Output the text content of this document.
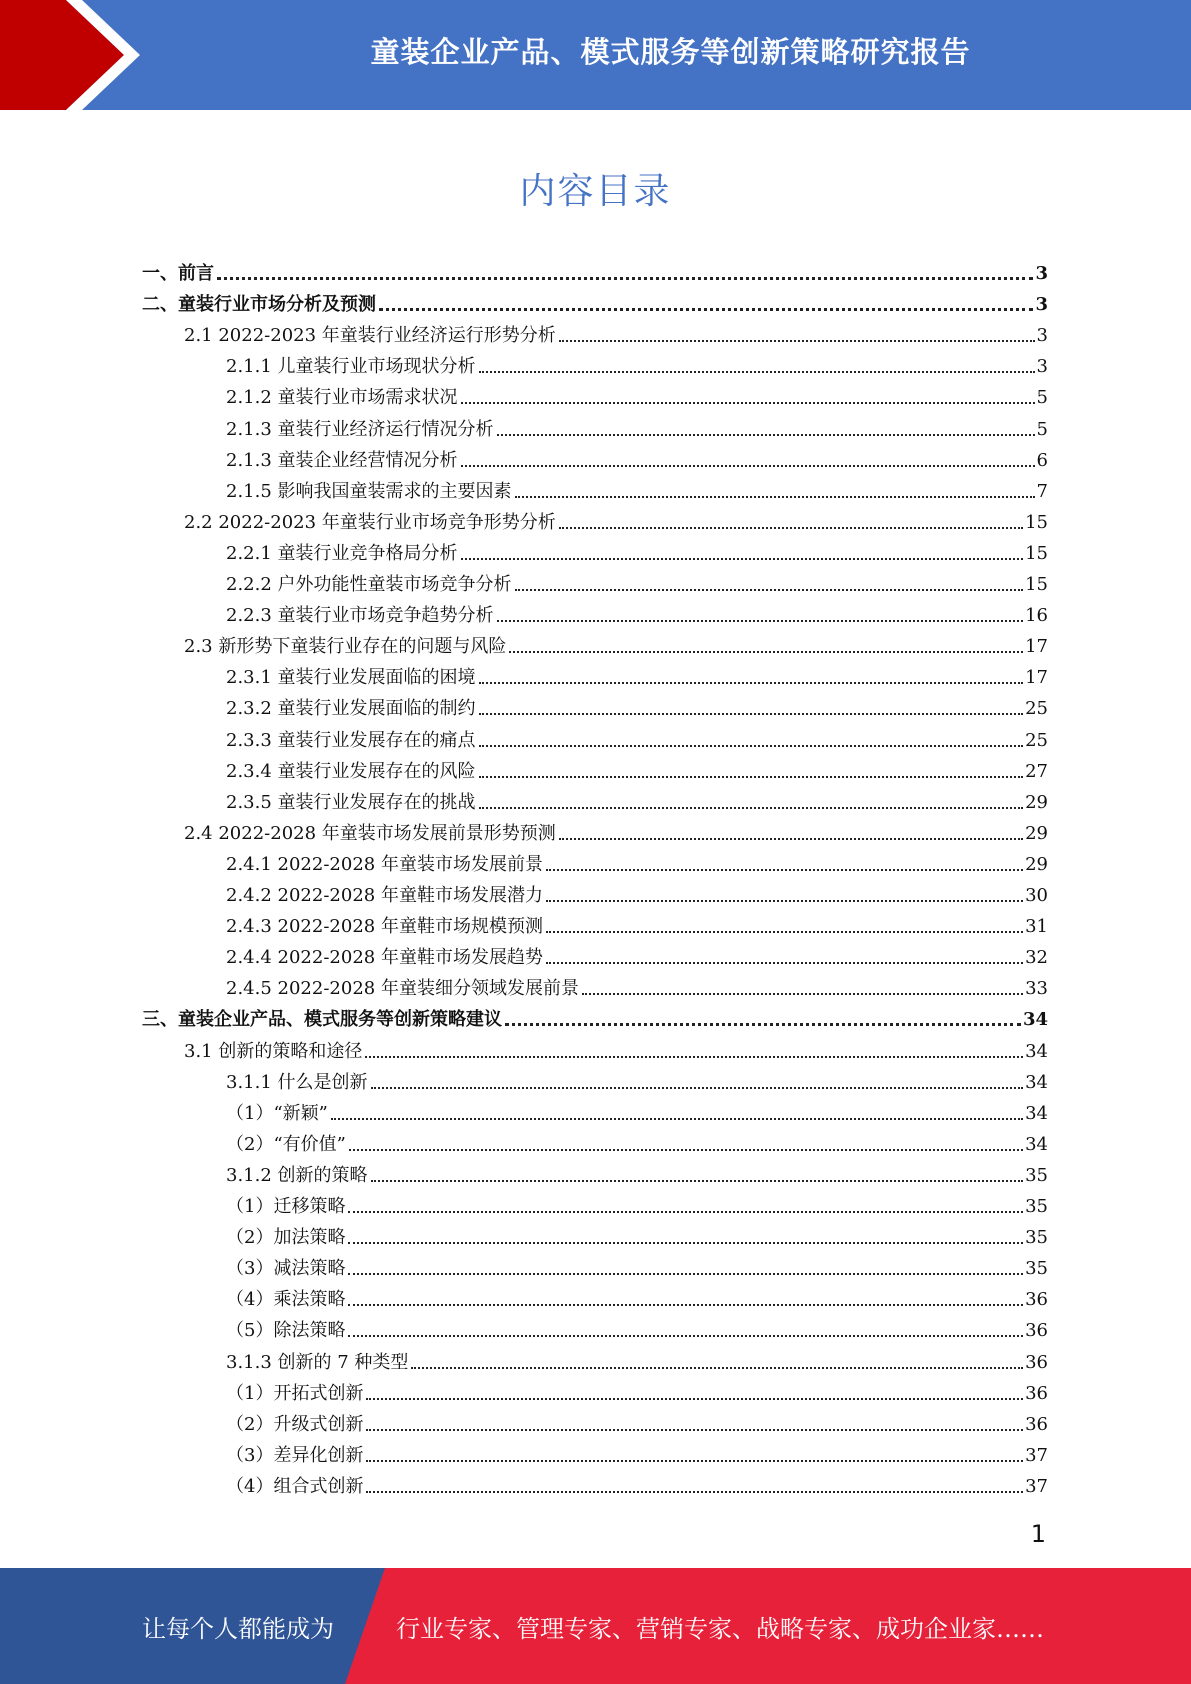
童装企业产品、模式服务等创新策略研究报告
内容目录
一、前言	3
二、童装行业市场分析及预测	3
2.1 2022-2023 年童装行业经济运行形势分析	3
2.1.1 儿童装行业市场现状分析	3
2.1.2 童装行业市场需求状况	5
2.1.3 童装行业经济运行情况分析	5
2.1.3 童装企业经营情况分析	6
2.1.5 影响我国童装需求的主要因素	7
2.2 2022-2023 年童装行业市场竞争形势分析	15
2.2.1 童装行业竞争格局分析	15
2.2.2 户外功能性童装市场竞争分析	15
2.2.3 童装行业市场竞争趋势分析	16
2.3 新形势下童装行业存在的问题与风险	17
2.3.1 童装行业发展面临的困境	17
2.3.2 童装行业发展面临的制约	25
2.3.3 童装行业发展存在的痛点	25
2.3.4 童装行业发展存在的风险	27
2.3.5 童装行业发展存在的挑战	29
2.4 2022-2028 年童装市场发展前景形势预测	29
2.4.1 2022-2028 年童装市场发展前景	29
2.4.2 2022-2028 年童鞋市场发展潜力	30
2.4.3 2022-2028 年童鞋市场规模预测	31
2.4.4 2022-2028 年童鞋市场发展趋势	32
2.4.5 2022-2028 年童装细分领域发展前景	33
三、童装企业产品、模式服务等创新策略建议	34
3.1 创新的策略和途径	34
3.1.1 什么是创新	34
（1）“新颖”	34
（2）“有价值”	34
3.1.2 创新的策略	35
（1）迁移策略	35
（2）加法策略	35
（3）减法策略	35
（4）乘法策略	36
（5）除法策略	36
3.1.3 创新的 7 种类型	36
（1）开拓式创新	36
（2）升级式创新	36
（3）差异化创新	37
（4）组合式创新	37
1
让每个人都能成为	行业专家、管理专家、营销专家、战略专家、成功企业家……
